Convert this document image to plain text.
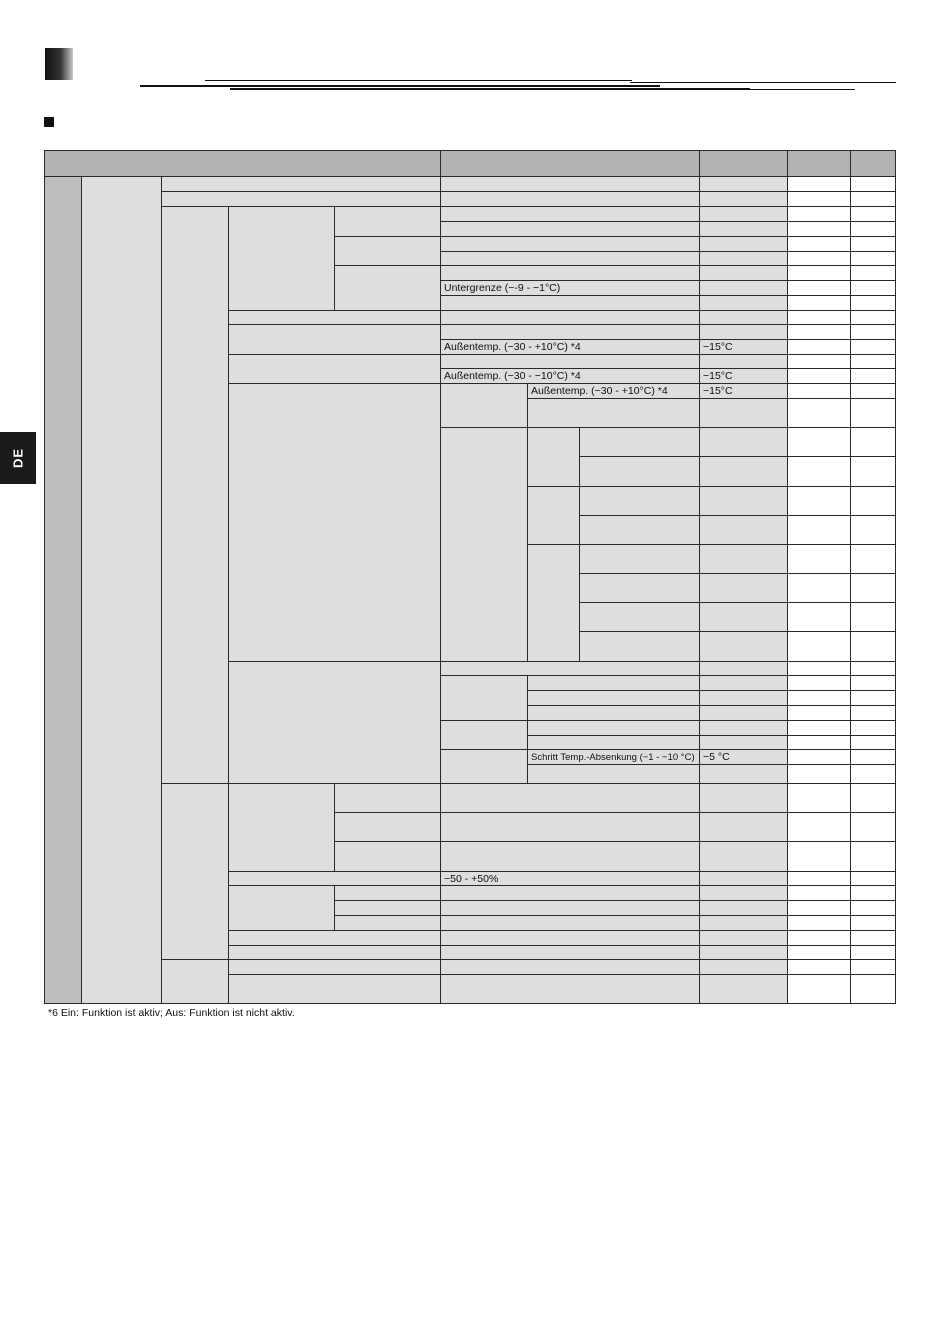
DE
Untergrenze (−-9 - −1°C)
Außentemp. (−30 - +10°C) *4	−15°C
Außentemp. (−30 - −10°C) *4	−15°C
−50 - +50%
Außentemp. (−30 - +10°C) *4	−15°C
Schritt Temp.-Absenkung (−1 - −10 °C) −5 °C
*6 Ein: Funktion ist aktiv; Aus: Funktion ist nicht aktiv.
